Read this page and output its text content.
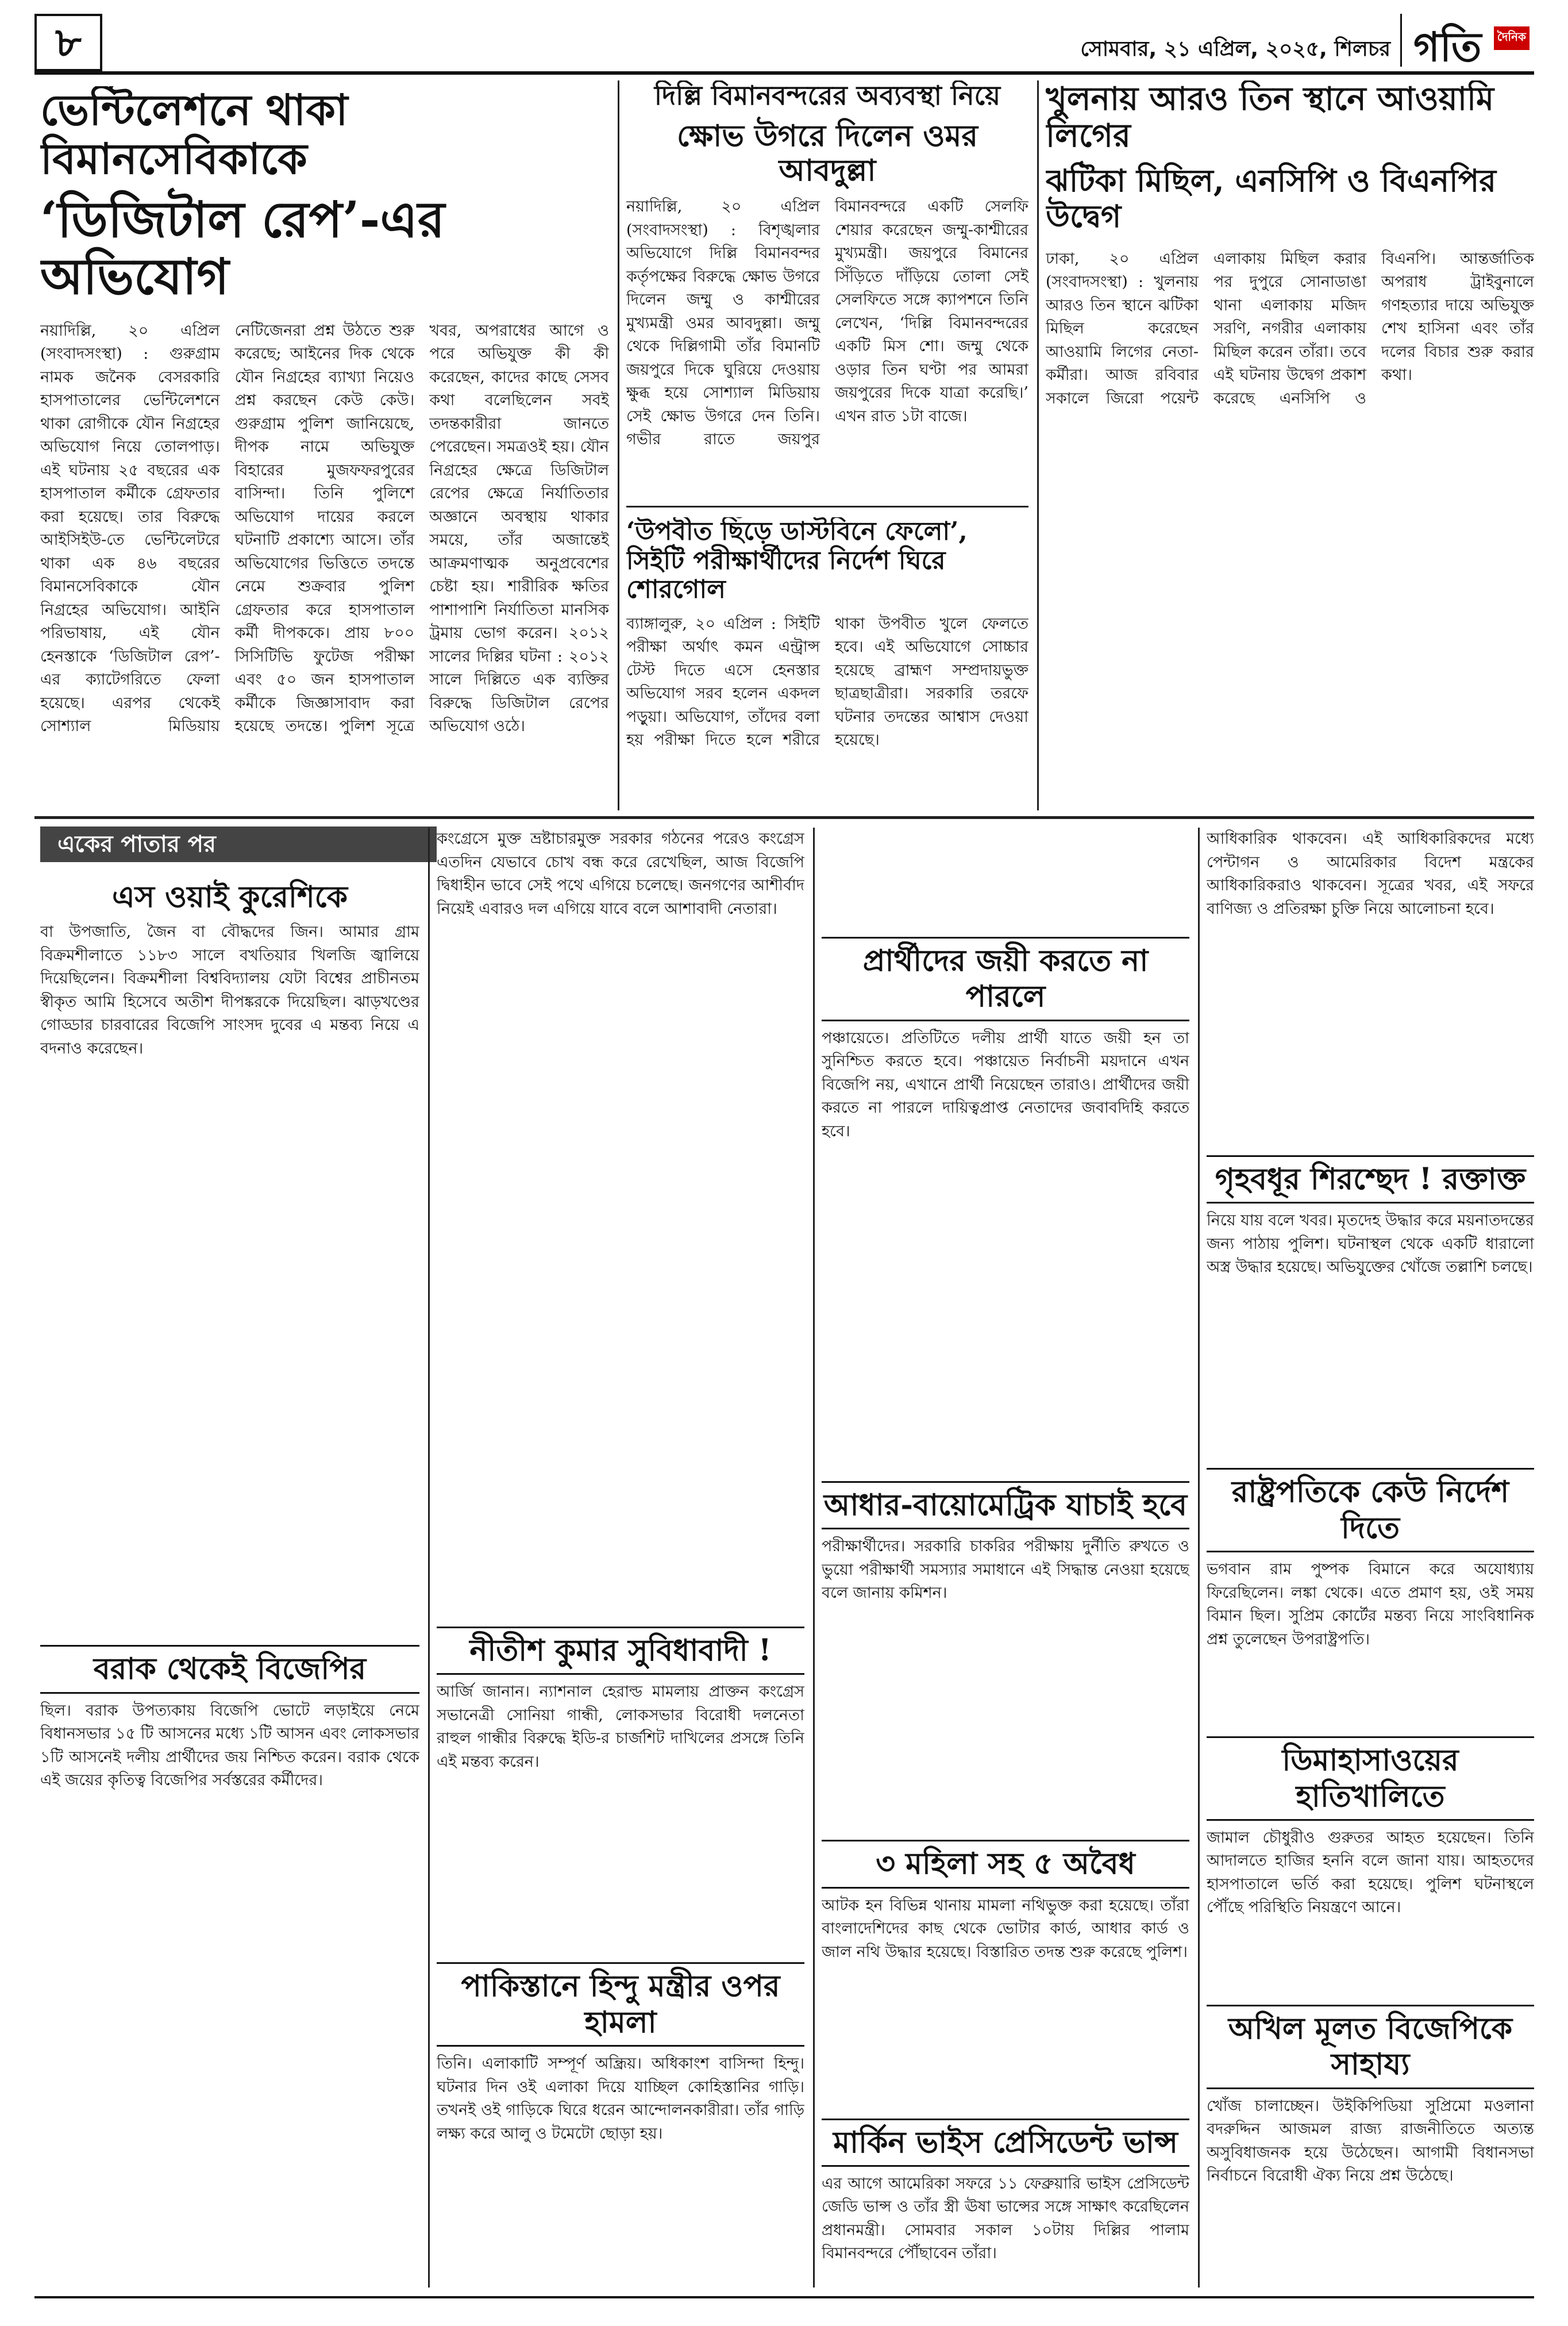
৮	সোমবার, ২১ এপ্রিল, ২০২৫, শিলচর গতি	দৈনিক
ভেন্টিলেশনে থাকা বিমানসেবিকাকে
‘ডিজিটাল রেপ’-এর অভিযোগ
নয়াদিল্লি, ২০ এপ্রিল (সংবাদসংস্থা) : গুরুগ্রাম নামক জনৈক বেসরকারি হাসপাতালের ভেন্টিলেশনে থাকা রোগীকে যৌন নিগ্রহের অভিযোগ নিয়ে তোলপাড়। এই ঘটনায় ২৫ বছরের এক হাসপাতাল কর্মীকে গ্রেফতার করা হয়েছে। তার বিরুদ্ধে আইসিইউ-তে ভেন্টিলেটরে থাকা এক ৪৬ বছরের বিমানসেবিকাকে যৌন নিগ্রহের অভিযোগ। আইনি পরিভাষায়, এই যৌন হেনস্তাকে ‘ডিজিটাল রেপ’-এর ক্যাটেগরিতে ফেলা হয়েছে। এরপর থেকেই সোশ্যাল মিডিয়ায় নেটিজেনরা প্রশ্ন উঠতে শুরু করেছে; আইনের দিক থেকে যৌন নিগ্রহের ব্যাখ্যা নিয়েও প্রশ্ন করছেন কেউ কেউ। গুরুগ্রাম পুলিশ জানিয়েছে, দীপক নামে অভিযুক্ত বিহারের মুজফফরপুরের বাসিন্দা। তিনি পুলিশে অভিযোগ দায়ের করলে ঘটনাটি প্রকাশ্যে আসে। তাঁর অভিযোগের ভিত্তিতে তদন্তে নেমে শুক্রবার পুলিশ গ্রেফতার করে হাসপাতাল কর্মী দীপককে। প্রায় ৮০০ সিসিটিভি ফুটেজ পরীক্ষা এবং ৫০ জন হাসপাতাল কর্মীকে জিজ্ঞাসাবাদ করা হয়েছে তদন্তে। পুলিশ সূত্রে খবর, অপরাধের আগে ও পরে অভিযুক্ত কী কী করেছেন, কাদের কাছে সেসব কথা বলেছিলেন সবই তদন্তকারীরা জানতে পেরেছেন। সমত্রওই হয়। যৌন নিগ্রহের ক্ষেত্রে ডিজিটাল রেপের ক্ষেত্রে নির্যাতিতার অজ্ঞানে অবস্থায় থাকার সময়ে, তাঁর অজান্তেই আক্রমণাত্মক অনুপ্রবেশের চেষ্টা হয়। শারীরিক ক্ষতির পাশাপাশি নির্যাতিতা মানসিক ট্রমায় ভোগ করেন। ২০১২ সালের দিল্লির ঘটনা : ২০১২ সালে দিল্লিতে এক ব্যক্তির বিরুদ্ধে ডিজিটাল রেপের অভিযোগ ওঠে।
দিল্লি বিমানবন্দরের অব্যবস্থা নিয়ে
ক্ষোভ উগরে দিলেন ওমর আবদুল্লা
নয়াদিল্লি, ২০ এপ্রিল (সংবাদসংস্থা) : বিশৃঙ্খলার অভিযোগে দিল্লি বিমানবন্দর কর্তৃপক্ষের বিরুদ্ধে ক্ষোভ উগরে দিলেন জম্মু ও কাশ্মীরের মুখ্যমন্ত্রী ওমর আবদুল্লা। জম্মু থেকে দিল্লিগামী তাঁর বিমানটি জয়পুরে দিকে ঘুরিয়ে দেওয়ায় ক্ষুব্ধ হয়ে সোশ্যাল মিডিয়ায় সেই ক্ষোভ উগরে দেন তিনি। গভীর রাতে জয়পুর বিমানবন্দরে একটি সেলফি শেয়ার করেছেন জম্মু-কাশ্মীরের মুখ্যমন্ত্রী। জয়পুরে বিমানের সিঁড়িতে দাঁড়িয়ে তোলা সেই সেলফিতে সঙ্গে ক্যাপশনে তিনি লেখেন, ‘দিল্লি বিমানবন্দরের একটি মিস শো। জম্মু থেকে ওড়ার তিন ঘণ্টা পর আমরা জয়পুরের দিকে যাত্রা করেছি।’ এখন রাত ১টা বাজে।
‘উপবীত ছিঁড়ে ডাস্টবিনে ফেলো’, সিইটি পরীক্ষার্থীদের নির্দেশ ঘিরে শোরগোল
ব্যাঙ্গালুরু, ২০ এপ্রিল : সিইটি পরীক্ষা অর্থাৎ কমন এন্ট্রান্স টেস্ট দিতে এসে হেনস্তার অভিযোগ সরব হলেন একদল পড়ুয়া। অভিযোগ, তাঁদের বলা হয় পরীক্ষা দিতে হলে শরীরে থাকা উপবীত খুলে ফেলতে হবে। এই অভিযোগে সোচ্চার হয়েছে ব্রাহ্মণ সম্প্রদায়ভুক্ত ছাত্রছাত্রীরা। সরকারি তরফে ঘটনার তদন্তের আশ্বাস দেওয়া হয়েছে।
খুলনায় আরও তিন স্থানে আওয়ামি লিগের
ঝটিকা মিছিল, এনসিপি ও বিএনপির উদ্বেগ
ঢাকা, ২০ এপ্রিল (সংবাদসংস্থা) : খুলনায় আরও তিন স্থানে ঝটিকা মিছিল করেছেন আওয়ামি লিগের নেতা-কর্মীরা। আজ রবিবার সকালে জিরো পয়েন্ট এলাকায় মিছিল করার পর দুপুরে সোনাডাঙা থানা এলাকায় মজিদ সরণি, নগরীর এলাকায় মিছিল করেন তাঁরা। তবে এই ঘটনায় উদ্বেগ প্রকাশ করেছে এনসিপি ও বিএনপি। আন্তর্জাতিক অপরাধ ট্রাইবুনালে গণহত্যার দায়ে অভিযুক্ত শেখ হাসিনা এবং তাঁর দলের বিচার শুরু করার কথা।
একের পাতার পর
এস ওয়াই কুরেশিকে
বা উপজাতি, জৈন বা বৌদ্ধদের জিন। আমার গ্রাম বিক্রমশীলাতে ১১৮৩ সালে বখতিয়ার খিলজি জ্বালিয়ে দিয়েছিলেন। বিক্রমশীলা বিশ্ববিদ্যালয় যেটা বিশ্বের প্রাচীনতম স্বীকৃত আমি হিসেবে অতীশ দীপঙ্করকে দিয়েছিল। ঝাড়খণ্ডের গোড্ডার চারবারের বিজেপি সাংসদ দুবের এ মন্তব্য নিয়ে এ বদনাও করেছেন।
বরাক থেকেই বিজেপির
ছিল। বরাক উপত্যকায় বিজেপি ভোটে লড়াইয়ে নেমে বিধানসভার ১৫ টি আসনের মধ্যে ১টি আসন এবং লোকসভার ১টি আসনেই দলীয় প্রার্থীদের জয় নিশ্চিত করেন। বরাক থেকে এই জয়ের কৃতিত্ব বিজেপির সর্বস্তরের কর্মীদের।
কংগ্রেসে মুক্ত ভ্রষ্টাচারমুক্ত সরকার গঠনের পরেও কংগ্রেস এতদিন যেভাবে চোখ বন্ধ করে রেখেছিল, আজ বিজেপি দ্বিধাহীন ভাবে সেই পথে এগিয়ে চলেছে। জনগণের আশীর্বাদ নিয়েই এবারও দল এগিয়ে যাবে বলে আশাবাদী নেতারা।
নীতীশ কুমার সুবিধাবাদী !
আর্জি জানান। ন্যাশনাল হেরাল্ড মামলায় প্রাক্তন কংগ্রেস সভানেত্রী সোনিয়া গান্ধী, লোকসভার বিরোধী দলনেতা রাহুল গান্ধীর বিরুদ্ধে ইডি-র চার্জশিট দাখিলের প্রসঙ্গে তিনি এই মন্তব্য করেন।
পাকিস্তানে হিন্দু মন্ত্রীর ওপর হামলা
তিনি। এলাকাটি সম্পূর্ণ অন্ধ্রিয়। অধিকাংশ বাসিন্দা হিন্দু। ঘটনার দিন ওই এলাকা দিয়ে যাচ্ছিল কোহিস্তানির গাড়ি। তখনই ওই গাড়িকে ঘিরে ধরেন আন্দোলনকারীরা। তাঁর গাড়ি লক্ষ্য করে আলু ও টমেটো ছোড়া হয়।
প্রার্থীদের জয়ী করতে না পারলে
পঞ্চায়েতে। প্রতিটিতে দলীয় প্রার্থী যাতে জয়ী হন তা সুনিশ্চিত করতে হবে। পঞ্চায়েত নির্বাচনী ময়দানে এখন বিজেপি নয়, এখানে প্রার্থী নিয়েছেন তারাও। প্রার্থীদের জয়ী করতে না পারলে দায়িত্বপ্রাপ্ত নেতাদের জবাবদিহি করতে হবে।
আধার-বায়োমেট্রিক যাচাই হবে
পরীক্ষার্থীদের। সরকারি চাকরির পরীক্ষায় দুর্নীতি রুখতে ও ভুয়ো পরীক্ষার্থী সমস্যার সমাধানে এই সিদ্ধান্ত নেওয়া হয়েছে বলে জানায় কমিশন।
৩ মহিলা সহ ৫ অবৈধ
আটক হন বিভিন্ন থানায় মামলা নথিভুক্ত করা হয়েছে। তাঁরা বাংলাদেশিদের কাছ থেকে ভোটার কার্ড, আধার কার্ড ও জাল নথি উদ্ধার হয়েছে। বিস্তারিত তদন্ত শুরু করেছে পুলিশ।
মার্কিন ভাইস প্রেসিডেন্ট ভান্স
এর আগে আমেরিকা সফরে ১১ ফেব্রুয়ারি ভাইস প্রেসিডেন্ট জেডি ভান্স ও তাঁর স্ত্রী ঊষা ভান্সের সঙ্গে সাক্ষাৎ করেছিলেন প্রধানমন্ত্রী। সোমবার সকাল ১০টায় দিল্লির পালাম বিমানবন্দরে পৌঁছাবেন তাঁরা।
আধিকারিক থাকবেন। এই আধিকারিকদের মধ্যে পেন্টাগন ও আমেরিকার বিদেশ মন্ত্রকের আধিকারিকরাও থাকবেন। সূত্রের খবর, এই সফরে বাণিজ্য ও প্রতিরক্ষা চুক্তি নিয়ে আলোচনা হবে।
গৃহবধূর শিরশ্ছেদ ! রক্তাক্ত
নিয়ে যায় বলে খবর। মৃতদেহ উদ্ধার করে ময়নাতদন্তের জন্য পাঠায় পুলিশ। ঘটনাস্থল থেকে একটি ধারালো অস্ত্র উদ্ধার হয়েছে। অভিযুক্তের খোঁজে তল্লাশি চলছে।
রাষ্ট্রপতিকে কেউ নির্দেশ দিতে
ভগবান রাম পুষ্পক বিমানে করে অযোধ্যায় ফিরেছিলেন। লঙ্কা থেকে। এতে প্রমাণ হয়, ওই সময় বিমান ছিল। সুপ্রিম কোর্টের মন্তব্য নিয়ে সাংবিধানিক প্রশ্ন তুলেছেন উপরাষ্ট্রপতি।
ডিমাহাসাওয়ের হাতিখালিতে
জামাল চৌধুরীও গুরুতর আহত হয়েছেন। তিনি আদালতে হাজির হননি বলে জানা যায়। আহতদের হাসপাতালে ভর্তি করা হয়েছে। পুলিশ ঘটনাস্থলে পৌঁছে পরিস্থিতি নিয়ন্ত্রণে আনে।
অখিল মূলত বিজেপিকে সাহায্য
খোঁজ চালাচ্ছেন। উইকিপিডিয়া সুপ্রিমো মওলানা বদরুদ্দিন আজমল রাজ্য রাজনীতিতে অত্যন্ত অসুবিধাজনক হয়ে উঠেছেন। আগামী বিধানসভা নির্বাচনে বিরোধী ঐক্য নিয়ে প্রশ্ন উঠেছে।
